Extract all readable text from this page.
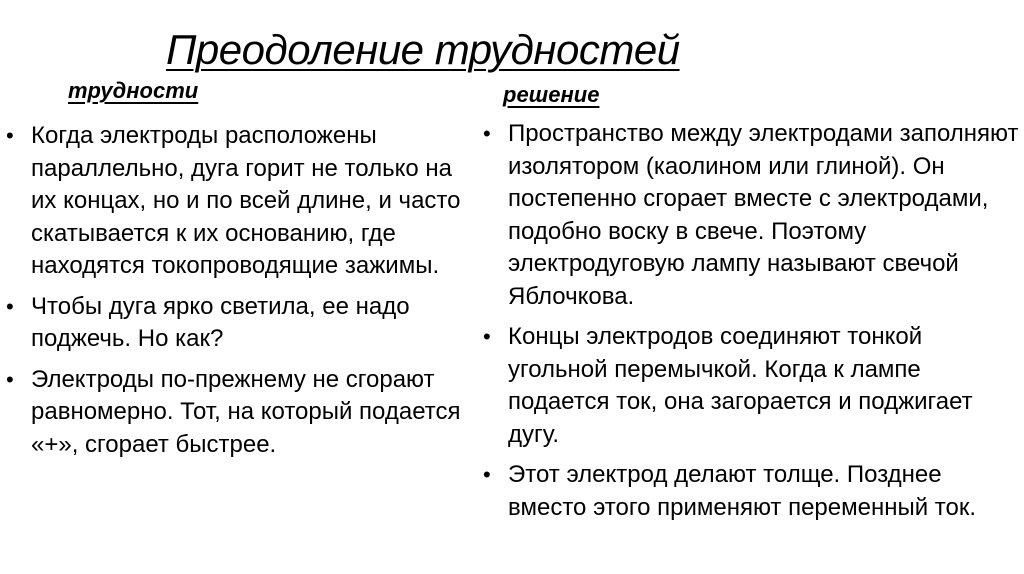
Преодоление трудностей
трудности	решение
• Когда электроды расположены параллельно, дуга горит не только на их концах, но и по всей длине, и часто скатывается к их основанию, где находятся токопроводящие зажимы.
• Чтобы дуга ярко светила, ее надо поджечь. Но как?
• Электроды по-прежнему не сгорают равномерно. Тот, на который подается «+», сгорает быстрее.
• Пространство между электродами заполняют изолятором (каолином или глиной). Он постепенно сгорает вместе с электродами, подобно воску в свече. Поэтому электродуговую лампу называют свечой Яблочкова.
• Концы электродов соединяют тонкой угольной перемычкой. Когда к лампе подается ток, она загорается и поджигает дугу.
• Этот электрод делают толще. Позднее вместо этого применяют переменный ток.
